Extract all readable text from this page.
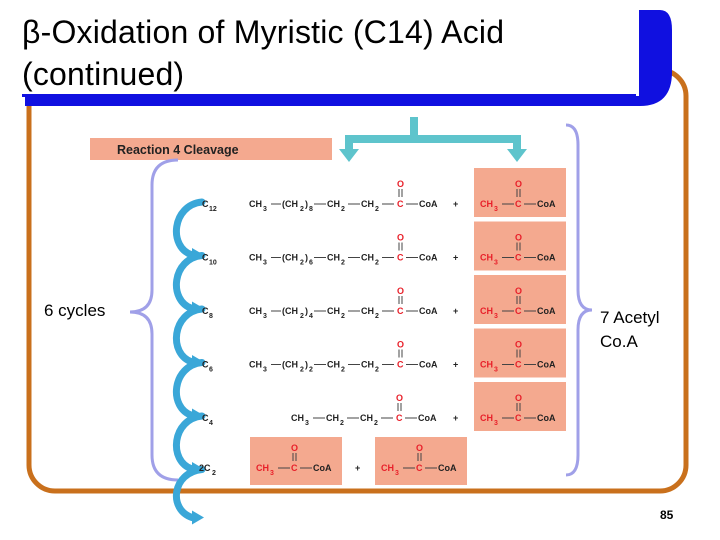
β-Oxidation of Myristic (C14) Acid
(continued)
Reaction 4 Cleavage
C
12
CH
3
(CH
2
)
8
CH
2
CH
2
C
O
CoA + CH
3
C
O
CoA
C
10
CH
3
(CH
2
)
6
CH
2
CH
2
C
O
CoA + CH
3
C
O
CoA
C
8
CH
3
(CH
2
)
4
CH
2
CH
2
C
O
CoA + CH
3
C
O
CoA
C
6
CH
3
(CH
2
)
2
CH
2
CH
2
C
O
CoA + CH
3
C
O
CoA
C
4
CH
3
CH
2
CH
2
C
O
CoA + CH
3
C
O
CoA
2C
2
CH
3
C
O
CoA	+ CH
3
C
O
CoA
6 cycles	7 Acetyl
Co.A
85
